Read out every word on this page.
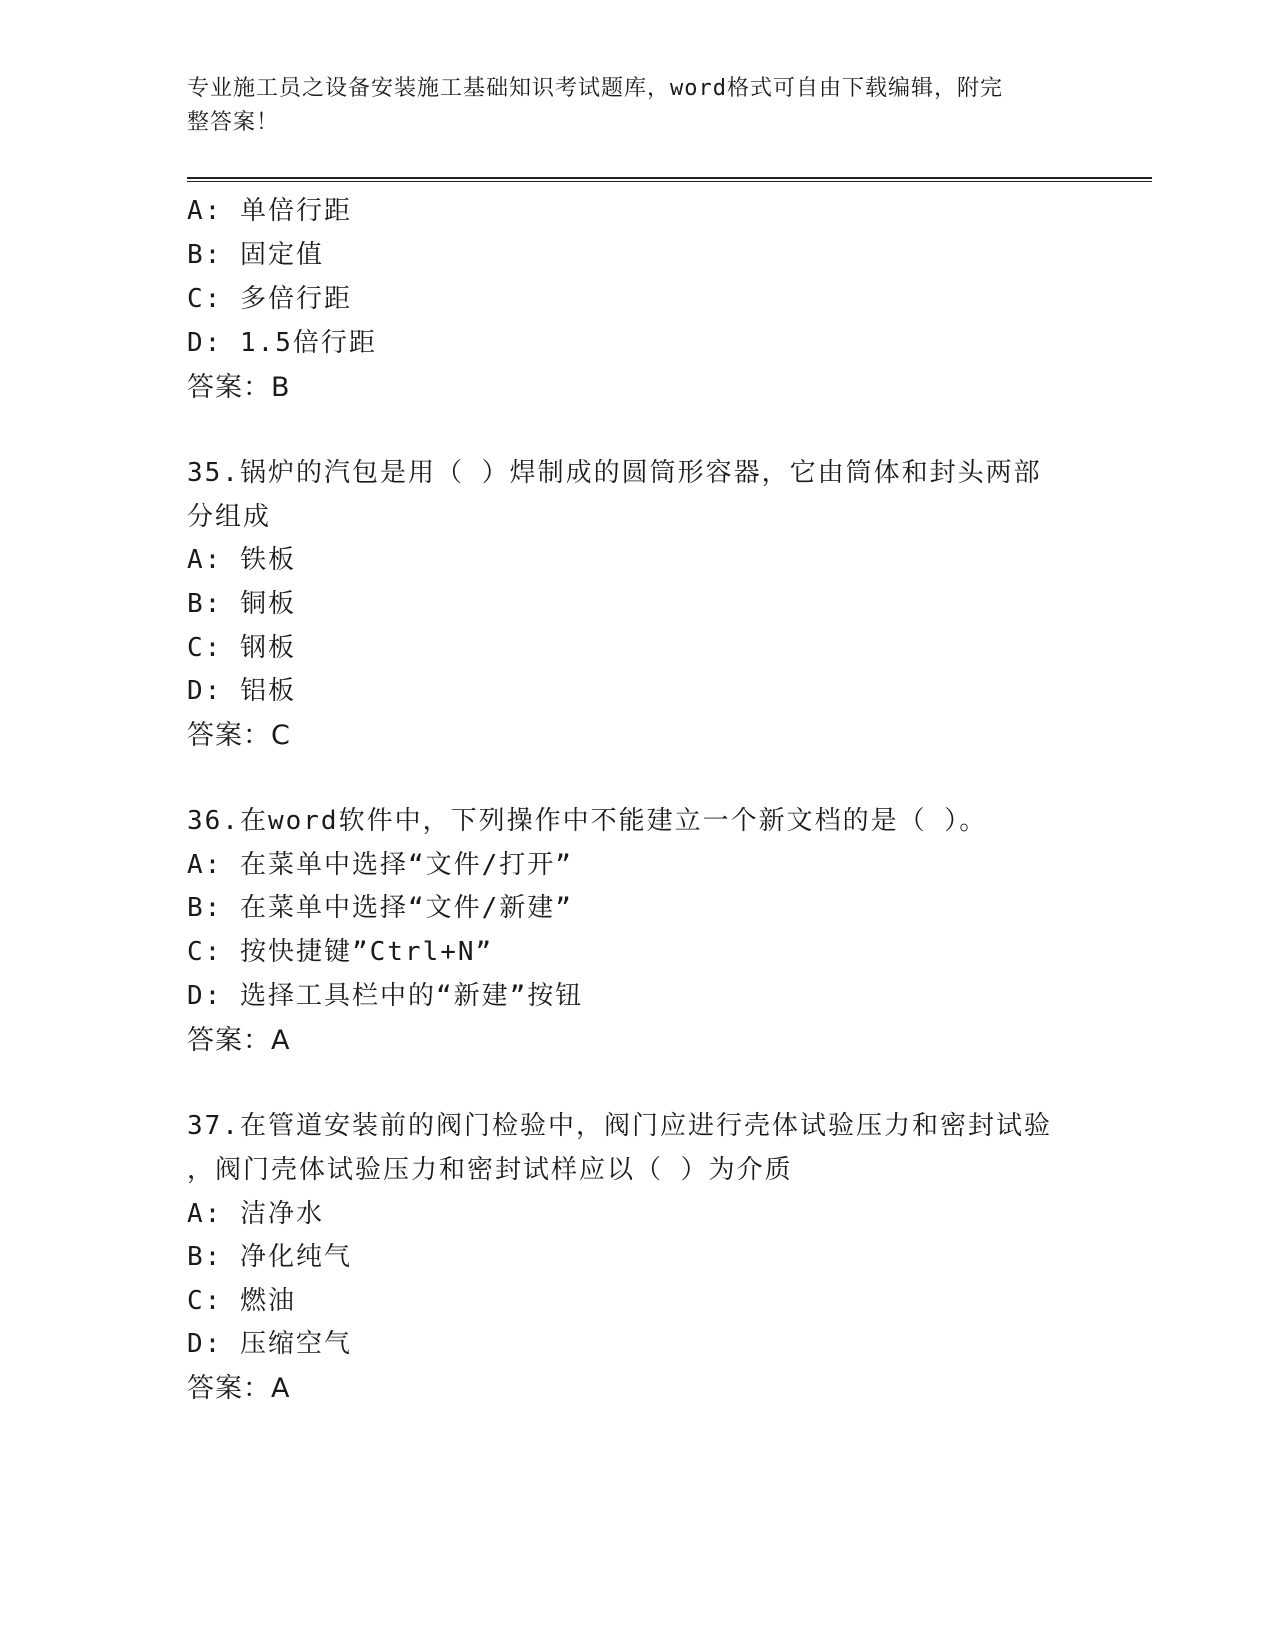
专业施工员之设备安装施工基础知识考试题库，word格式可自由下载编辑，附完
整答案！
A: 单倍行距
B: 固定值
C: 多倍行距
D: 1.5倍行距
答案：B
35.锅炉的汽包是用（ ）焊制成的圆筒形容器，它由筒体和封头两部
分组成
A: 铁板
B: 铜板
C: 钢板
D: 铝板
答案：C
36.在word软件中，下列操作中不能建立一个新文档的是（ ）。
A: 在菜单中选择“文件/打开”
B: 在菜单中选择“文件/新建”
C: 按快捷键”Ctrl+N”
D: 选择工具栏中的“新建”按钮
答案：A
37.在管道安装前的阀门检验中，阀门应进行壳体试验压力和密封试验
，阀门壳体试验压力和密封试样应以（ ）为介质
A: 洁净水
B: 净化纯气
C: 燃油
D: 压缩空气
答案：A
